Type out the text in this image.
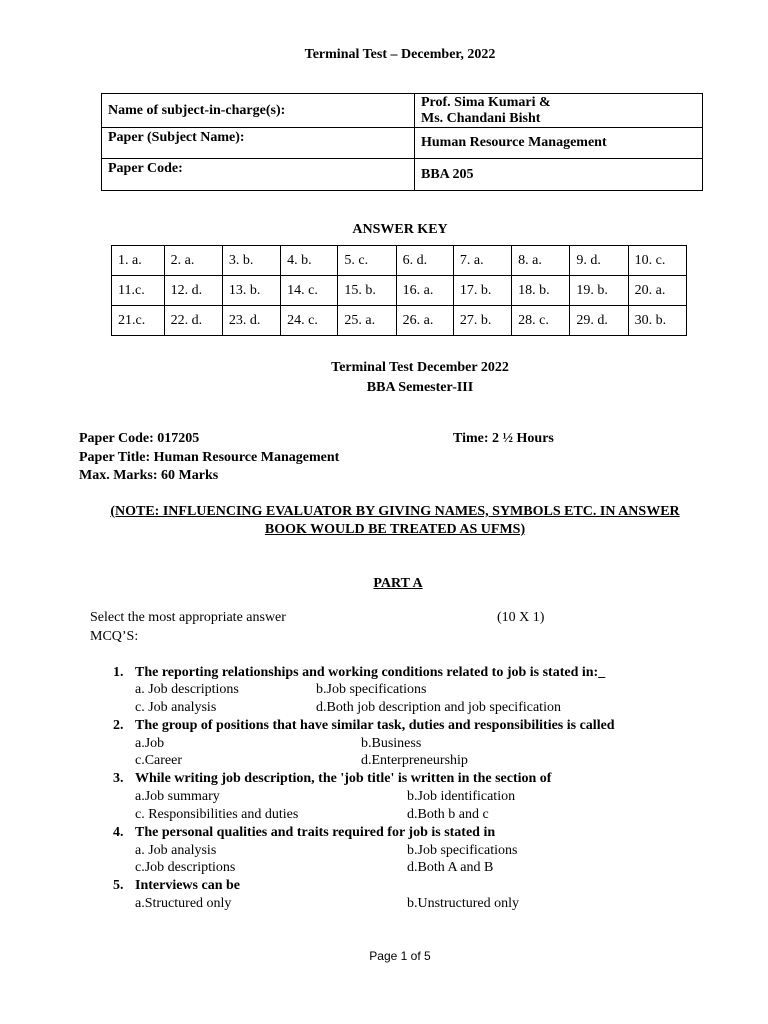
Terminal Test – December, 2022
Name of subject-in-charge(s):	Prof. Sima Kumari &
Ms. Chandani Bisht

Paper (Subject Name):	Human Resource Management
Paper Code:	BBA 205
ANSWER KEY
1. a.	2. a.	3. b.	4. b.	5. c.	6. d.	7. a.	8. a.	9. d.	10. c.
11.c.	12. d.	13. b.	14. c.	15. b.	16. a.	17. b.	18. b.	19. b.	20. a.
21.c.	22. d.	23. d.	24. c.	25. a.	26. a.	27. b.	28. c.	29. d.	30. b.
Terminal Test December 2022
BBA Semester-III
Paper Code: 017205	Time: 2 ½ Hours
Paper Title: Human Resource Management
Max. Marks: 60 Marks
(NOTE: INFLUENCING EVALUATOR BY GIVING NAMES, SYMBOLS ETC. IN ANSWER
BOOK WOULD BE TREATED AS UFMS)
PART A
Select the most appropriate answer	(10 X 1)
MCQ’S:
1. The reporting relationships and working conditions related to job is stated in:_
a. Job descriptions	b.Job specifications
c. Job analysis	d.Both job description and job specification
2. The group of positions that have similar task, duties and responsibilities is called
a.Job	b.Business
c.Career	d.Enterpreneurship
3. While writing job description, the 'job title' is written in the section of
a.Job summary	b.Job identification
c. Responsibilities and duties	d.Both b and c
4. The personal qualities and traits required for job is stated in
a. Job analysis	b.Job specifications
c.Job descriptions	d.Both A and B
5. Interviews can be
a.Structured only	b.Unstructured only
Page 1 of 5
